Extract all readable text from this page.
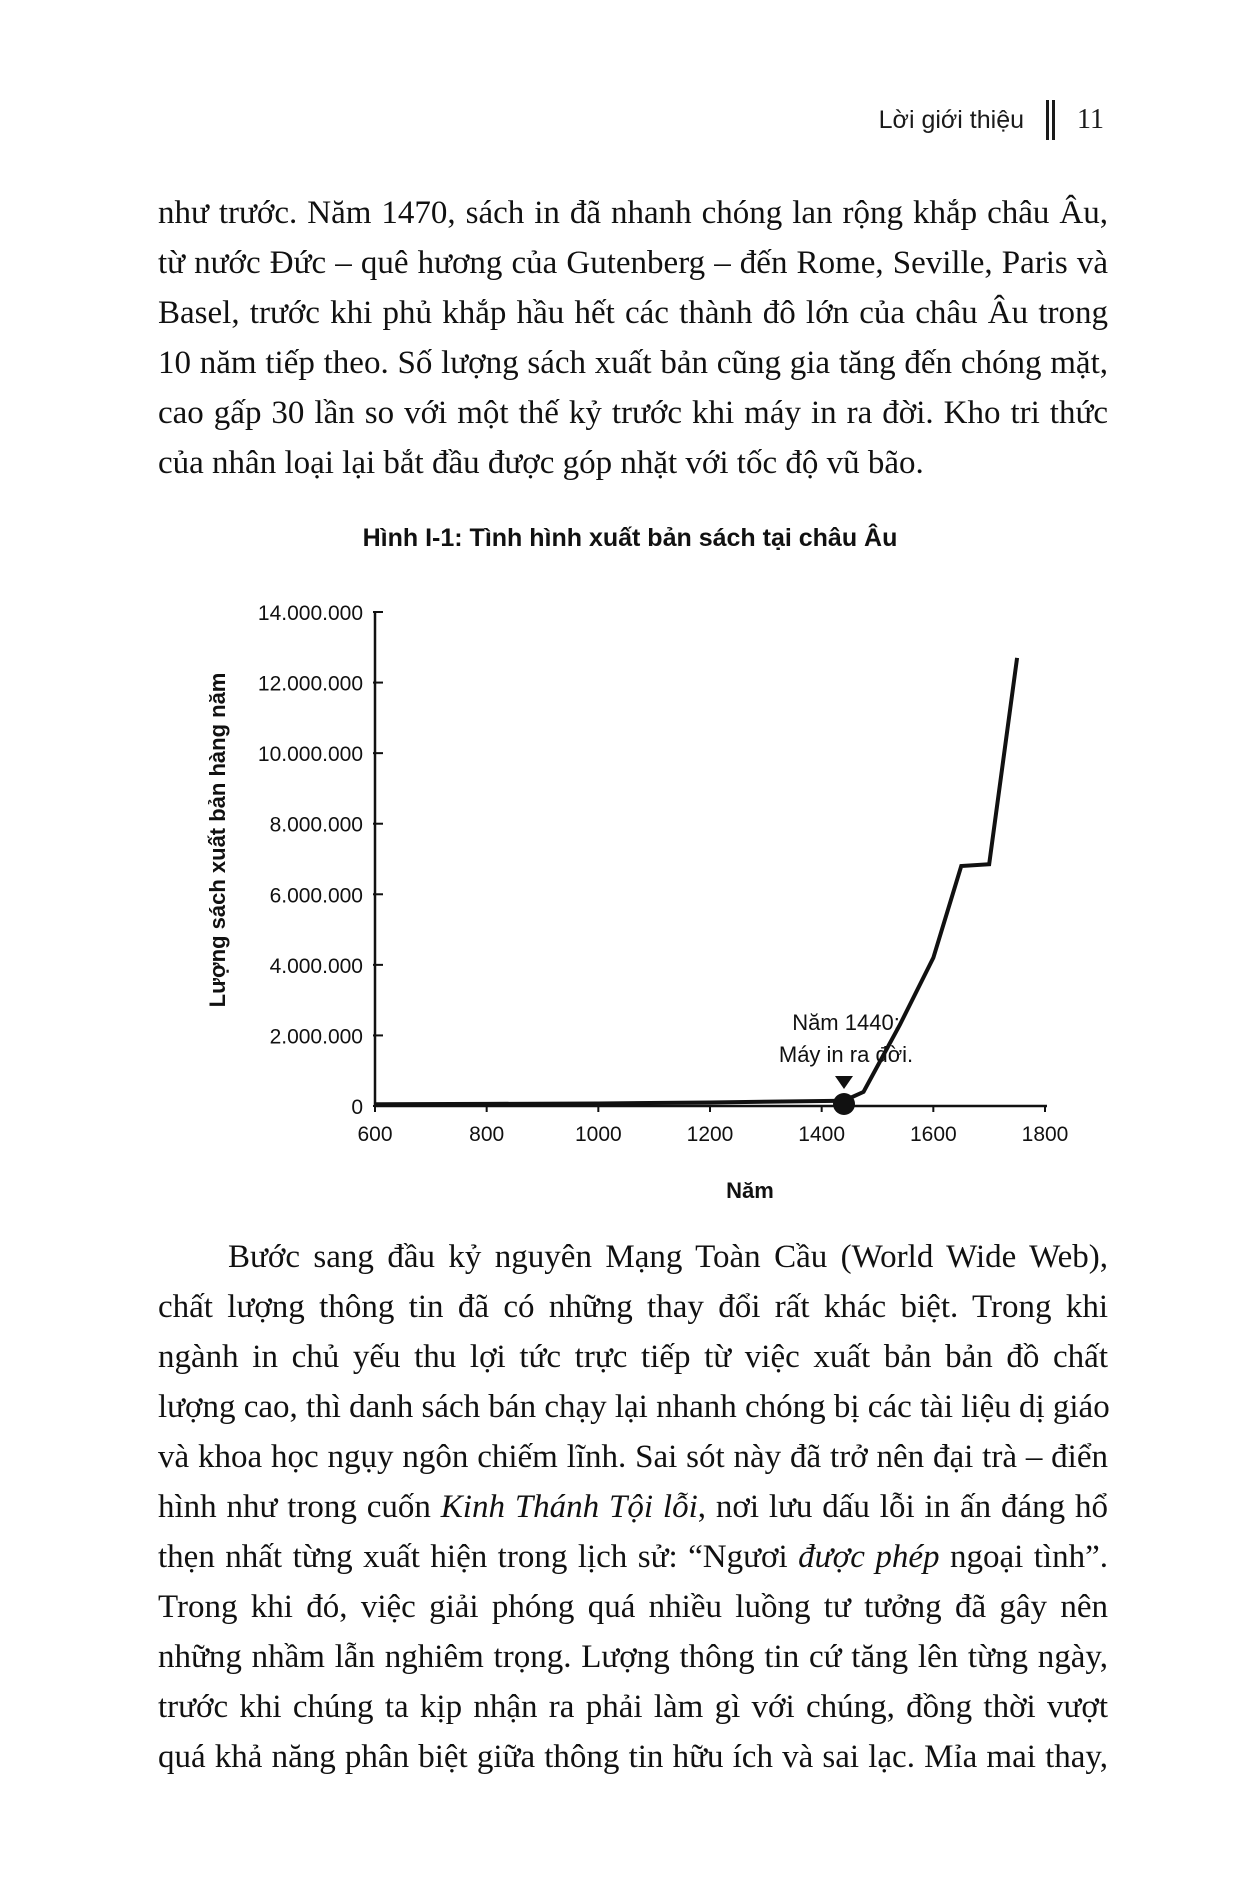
Lời giới thiệu 11
như trước. Năm 1470, sách in đã nhanh chóng lan rộng khắp châu Âu,
từ nước Đức – quê hương của Gutenberg – đến Rome, Seville, Paris và
Basel, trước khi phủ khắp hầu hết các thành đô lớn của châu Âu trong
10 năm tiếp theo. Số lượng sách xuất bản cũng gia tăng đến chóng mặt,
cao gấp 30 lần so với một thế kỷ trước khi máy in ra đời. Kho tri thức
của nhân loại lại bắt đầu được góp nhặt với tốc độ vũ bão.
Hình I-1: Tình hình xuất bản sách tại châu Âu
Lượng sách xuất bản hàng năm
0
2.000.000
4.000.000
6.000.000
8.000.000
10.000.000
12.000.000
14.000.000
600	800	1000	1200	1400	1600	1800
Năm 1440:
Máy in ra đời.
Năm
Bước sang đầu kỷ nguyên Mạng Toàn Cầu (World Wide Web),
chất lượng thông tin đã có những thay đổi rất khác biệt. Trong khi
ngành in chủ yếu thu lợi tức trực tiếp từ việc xuất bản bản đồ chất
lượng cao, thì danh sách bán chạy lại nhanh chóng bị các tài liệu dị giáo
và khoa học ngụy ngôn chiếm lĩnh. Sai sót này đã trở nên đại trà – điển
hình như trong cuốn Kinh Thánh Tội lỗi, nơi lưu dấu lỗi in ấn đáng hổ
thẹn nhất từng xuất hiện trong lịch sử: “Ngươi được phép ngoại tình”.
Trong khi đó, việc giải phóng quá nhiều luồng tư tưởng đã gây nên
những nhầm lẫn nghiêm trọng. Lượng thông tin cứ tăng lên từng ngày,
trước khi chúng ta kịp nhận ra phải làm gì với chúng, đồng thời vượt
quá khả năng phân biệt giữa thông tin hữu ích và sai lạc. Mỉa mai thay,
